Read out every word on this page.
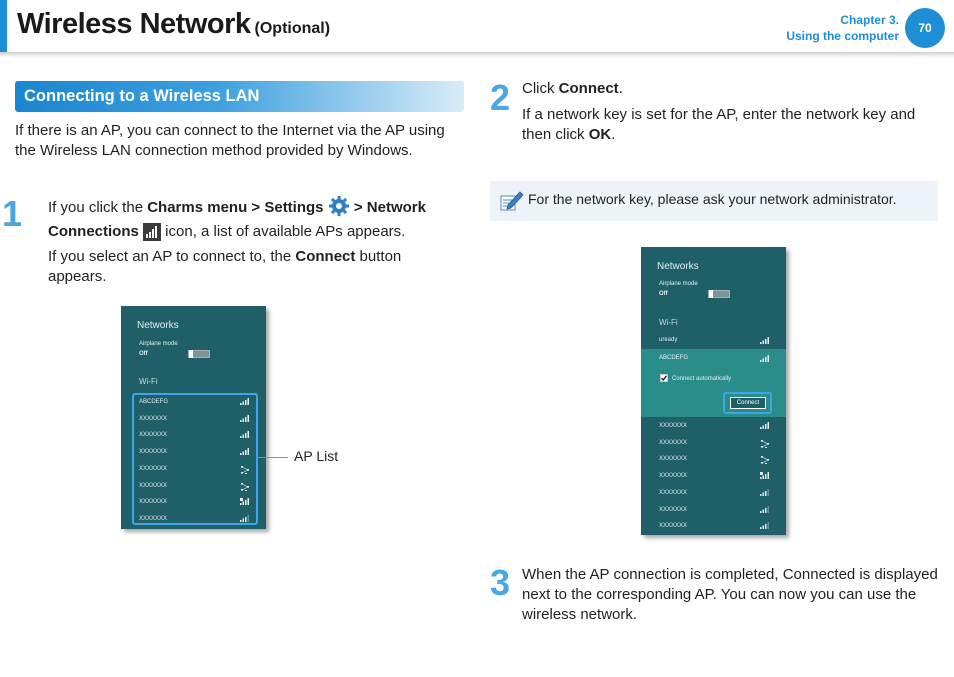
Wireless Network (Optional)	Chapter 3.
Using the computer
70
Connecting to a Wireless LAN
If there is an AP, you can connect to the Internet via the AP using the Wireless LAN connection method provided by Windows.
1 If you click the Charms menu > Settings  > Network
Connections  icon, a list of available APs appears.
If you select an AP to connect to, the Connect button appears.
Networks
Airplane mode
Off
Wi-Fi
ABCDEFG
XXXXXXX
XXXXXXX
XXXXXXX
XXXXXXX
XXXXXXX
XXXXXXX
XXXXXXX
AP List
2 Click Connect.
If a network key is set for the AP, enter the network key and then click OK.
For the network key, please ask your network administrator.
Networks
Airplane mode
Off
Wi-Fi
uready
ABCDEFG
Connect automatically
Connect
XXXXXXX
XXXXXXX
XXXXXXX
XXXXXXX
XXXXXXX
XXXXXXX
XXXXXXX
3 When the AP connection is completed, Connected is displayed next to the corresponding AP. You can now you can use the wireless network.
